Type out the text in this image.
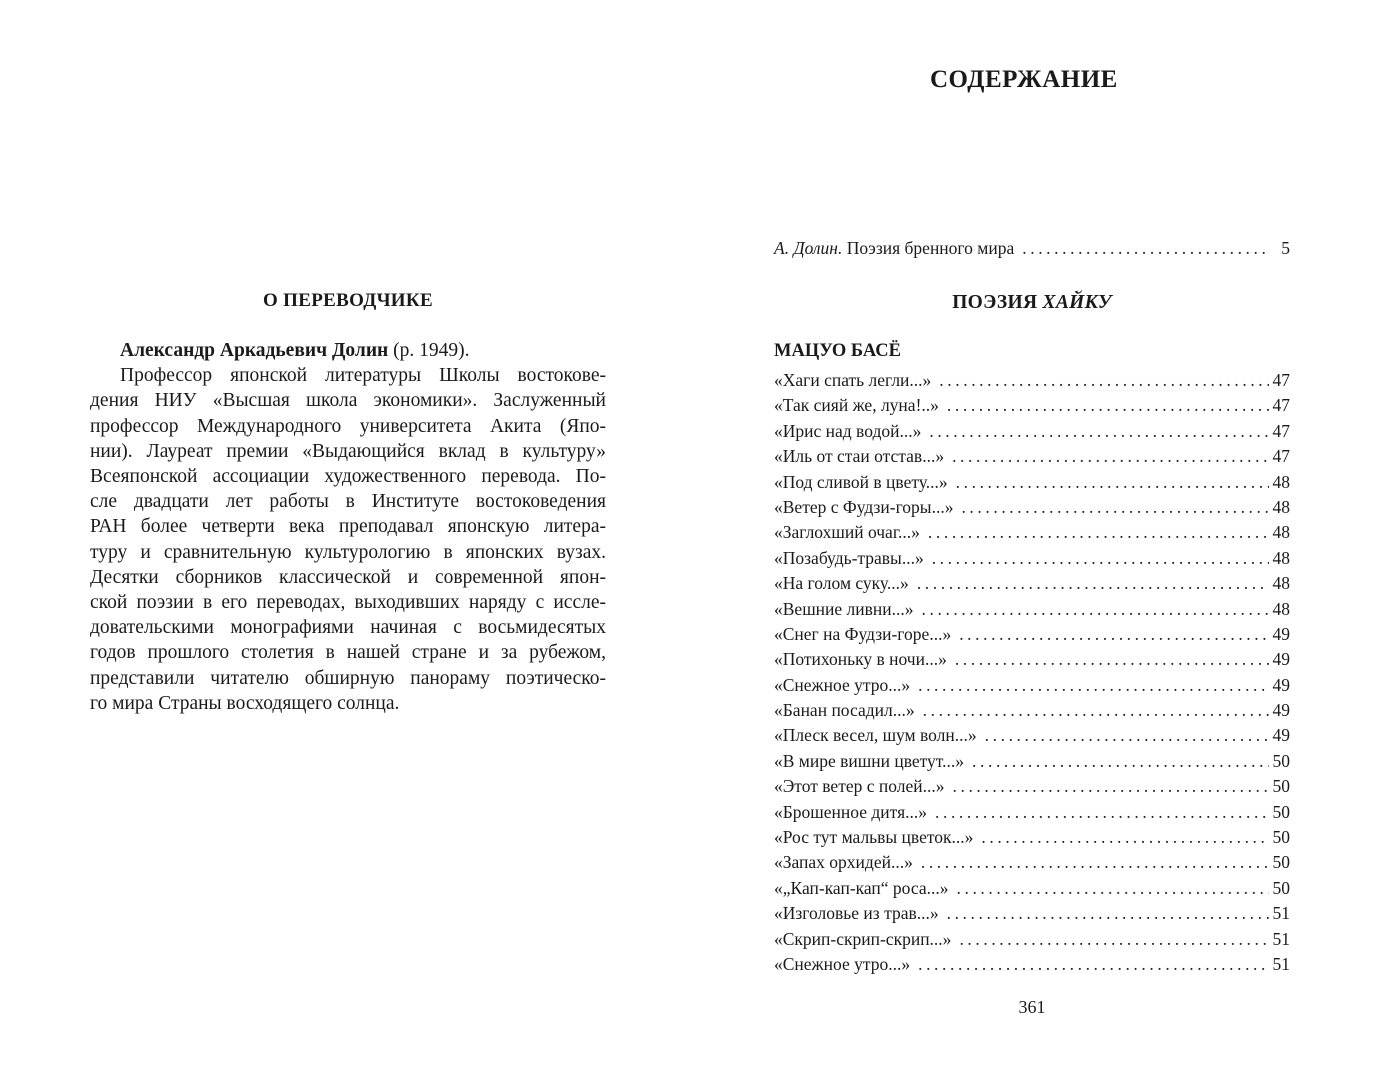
О ПЕРЕВОДЧИКЕ
Александр Аркадьевич Долин (р. 1949).
Профессор японской литературы Школы востокове-
дения НИУ «Высшая школа экономики». Заслуженный
профессор Международного университета Акита (Япо-
нии). Лауреат премии «Выдающийся вклад в культуру»
Всеяпонской ассоциации художественного перевода. По-
сле двадцати лет работы в Институте востоковедения
РАН более четверти века преподавал японскую литера-
туру и сравнительную культурологию в японских вузах.
Десятки сборников классической и современной япон-
ской поэзии в его переводах, выходивших наряду с иссле-
довательскими монографиями начиная с восьмидесятых
годов прошлого столетия в нашей стране и за рубежом,
представили читателю обширную панораму поэтическо-
го мира Страны восходящего солнца.
СОДЕРЖАНИЕ
А. Долин. Поэзия бренного мира .....	5
ПОЭЗИЯ ХАЙКУ
МАЦУО БАСЁ
«Хаги спать легли...» .....	47
«Так сияй же, луна!..» .....	47
«Ирис над водой...» .....	47
«Иль от стаи отстав...» .....	47
«Под сливой в цвету...» .....	48
«Ветер с Фудзи-горы...» .....	48
«Заглохший очаг...» .....	48
«Позабудь-травы...» .....	48
«На голом суку...» .....	48
«Вешние ливни...» .....	48
«Снег на Фудзи-горе...» .....	49
«Потихоньку в ночи...» .....	49
«Снежное утро...» .....	49
«Банан посадил...» .....	49
«Плеск весел, шум волн...» .....	49
«В мире вишни цветут...» .....	50
«Этот ветер с полей...» .....	50
«Брошенное дитя...» .....	50
«Рос тут мальвы цветок...» .....	50
«Запах орхидей...» .....	50
«„Кап-кап-кап“ роса...» .....	50
«Изголовье из трав...» .....	51
«Скрип-скрип-скрип...» .....	51
«Снежное утро...» .....	51
361
